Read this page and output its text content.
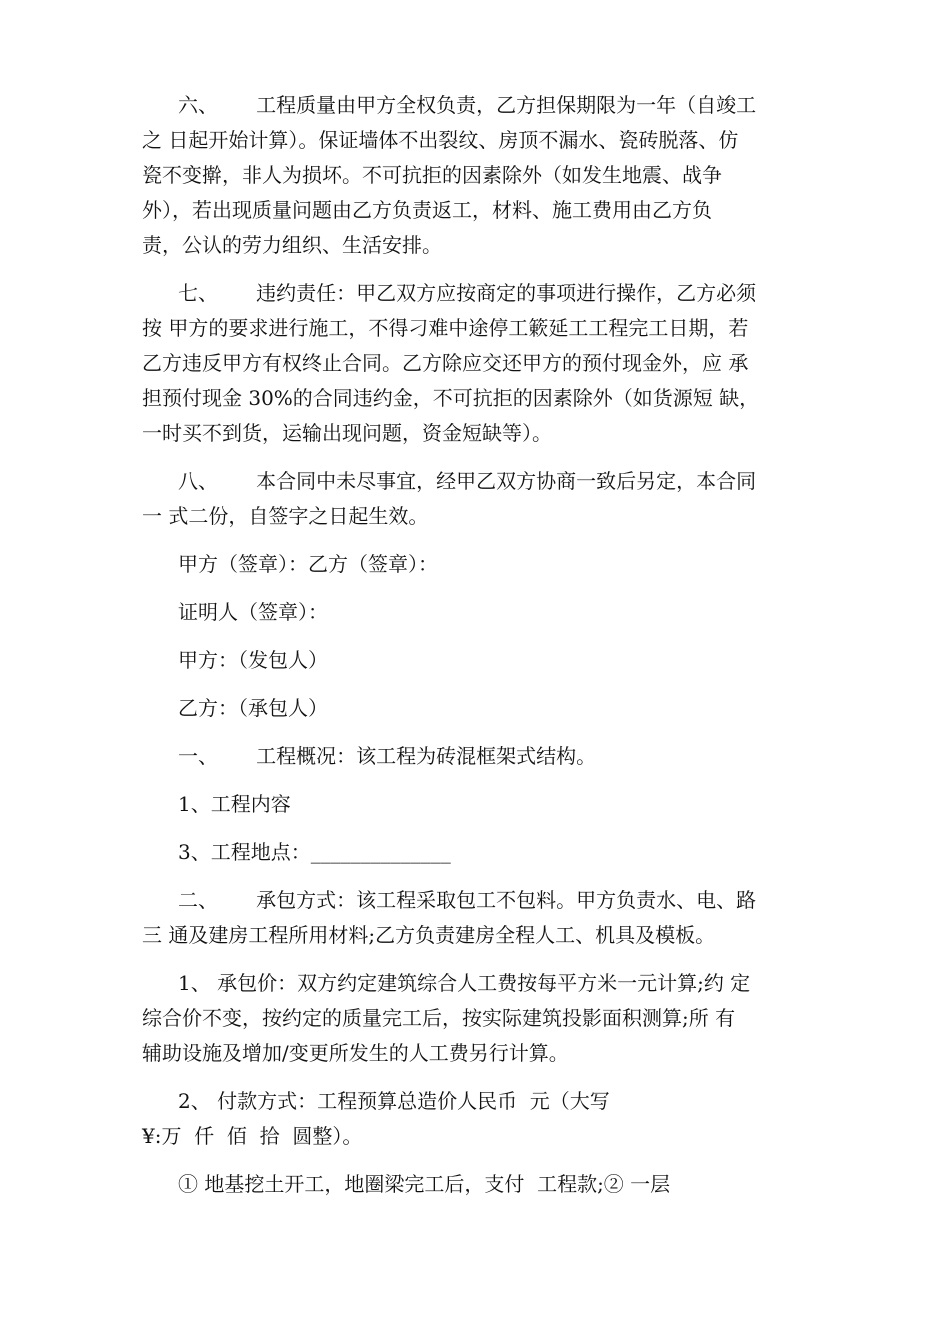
六、      工程质量由甲方全权负责，乙方担保期限为一年（自竣工
之 日起开始计算）。保证墙体不出裂纹、房顶不漏水、瓷砖脱落、仿
瓷不变擀，非人为损坏。不可抗拒的因素除外（如发生地震、战争
外），若出现质量问题由乙方负责返工，材料、施工费用由乙方负
责，公认的劳力组织、生活安排。
七、      违约责任：甲乙双方应按商定的事项进行操作，乙方必须
按 甲方的要求进行施工，不得刁难中途停工簌延工工程完工日期，若
乙方违反甲方有权终止合同。乙方除应交还甲方的预付现金外，应 承
担预付现金 30%的合同违约金，不可抗拒的因素除外（如货源短 缺，
一时买不到货，运输出现问题，资金短缺等）。
八、      本合同中未尽事宜，经甲乙双方协商一致后另定，本合同
一 式二份，自签字之日起生效。
甲方（签章）：乙方（签章）：
证明人（签章）：
甲方：（发包人）
乙方：（承包人）
一、      工程概况：该工程为砖混框架式结构。
1、工程内容
3、工程地点：______________
二、      承包方式：该工程采取包工不包料。甲方负责水、电、路
三 通及建房工程所用材料;乙方负责建房全程人工、机具及模板。
1、 承包价：双方约定建筑综合人工费按每平方米一元计算;约 定
综合价不变，按约定的质量完工后，按实际建筑投影面积测算;所 有
辅助设施及增加/变更所发生的人工费另行计算。
2、 付款方式：工程预算总造价人民币  元（大写
¥:万  仟  佰  拾  圆整）。
① 地基挖土开工，地圈梁完工后，支付  工程款;② 一层
